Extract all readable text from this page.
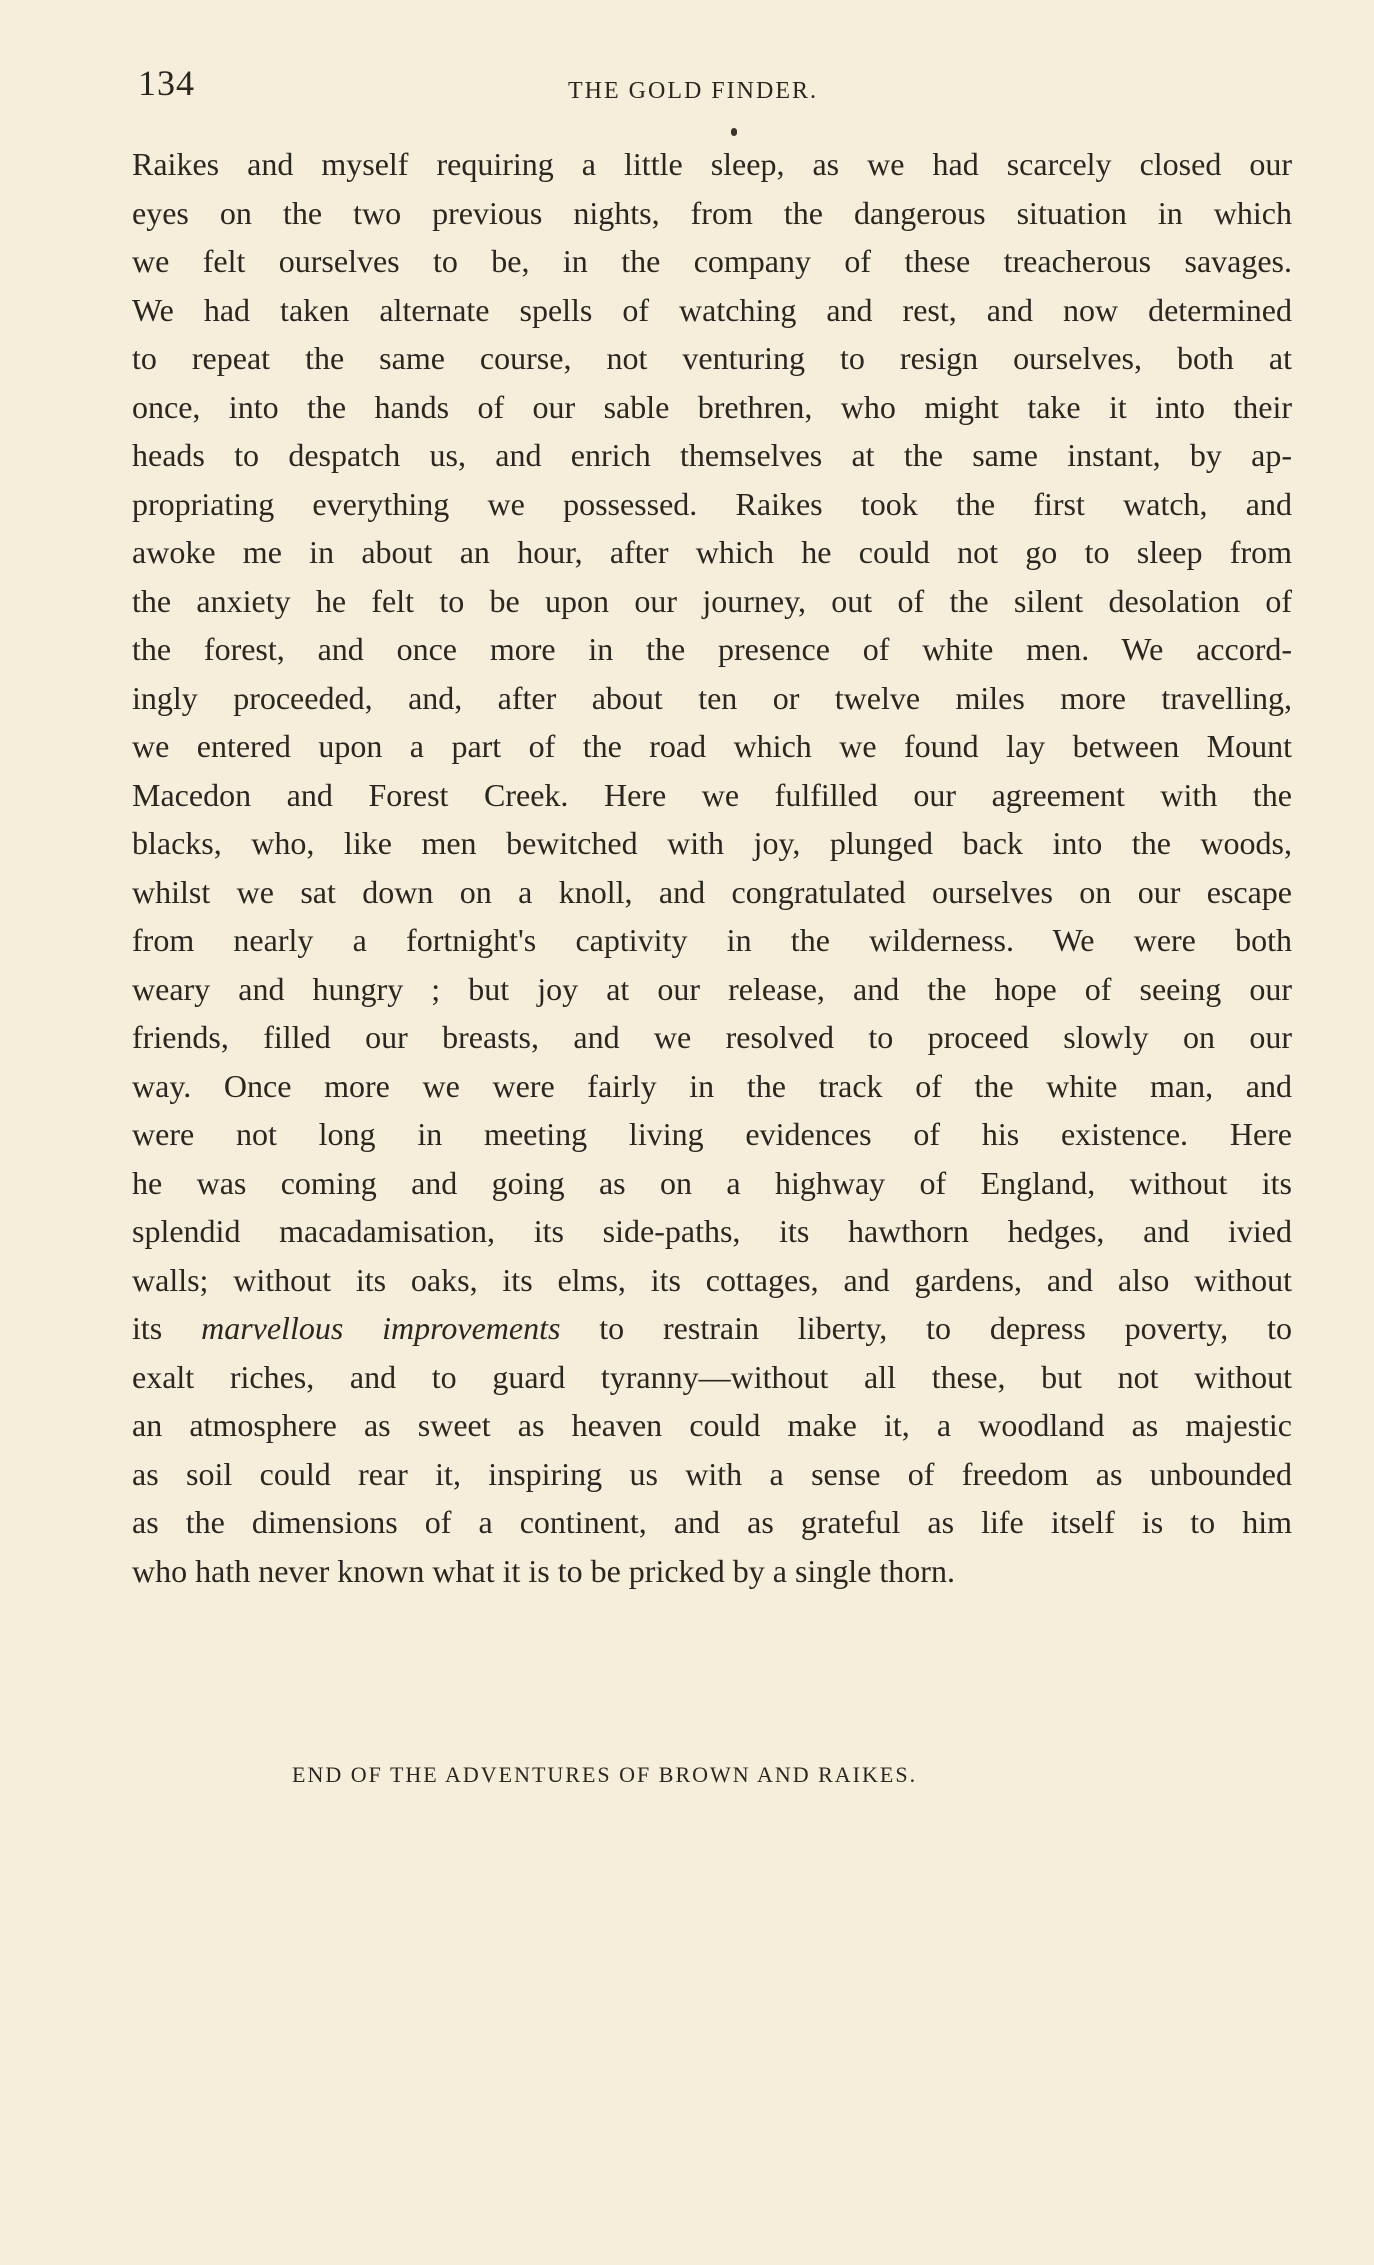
134	THE GOLD FINDER.
Raikes and myself requiring a little sleep, as we had scarcely closed our
eyes on the two previous nights, from the dangerous situation in which
we felt ourselves to be, in the company of these treacherous savages.
We had taken alternate spells of watching and rest, and now determined
to repeat the same course, not venturing to resign ourselves, both at
once, into the hands of our sable brethren, who might take it into their
heads to despatch us, and enrich themselves at the same instant, by ap-
propriating everything we possessed. Raikes took the first watch, and
awoke me in about an hour, after which he could not go to sleep from
the anxiety he felt to be upon our journey, out of the silent desolation of
the forest, and once more in the presence of white men. We accord-
ingly proceeded, and, after about ten or twelve miles more travelling,
we entered upon a part of the road which we found lay between Mount
Macedon and Forest Creek. Here we fulfilled our agreement with the
blacks, who, like men bewitched with joy, plunged back into the woods,
whilst we sat down on a knoll, and congratulated ourselves on our escape
from nearly a fortnight's captivity in the wilderness. We were both
weary and hungry ; but joy at our release, and the hope of seeing our
friends, filled our breasts, and we resolved to proceed slowly on our
way. Once more we were fairly in the track of the white man, and
were not long in meeting living evidences of his existence. Here
he was coming and going as on a highway of England, without its
splendid macadamisation, its side-paths, its hawthorn hedges, and ivied
walls; without its oaks, its elms, its cottages, and gardens, and also without
its marvellous improvements to restrain liberty, to depress poverty, to
exalt riches, and to guard tyranny—without all these, but not without
an atmosphere as sweet as heaven could make it, a woodland as majestic
as soil could rear it, inspiring us with a sense of freedom as unbounded
as the dimensions of a continent, and as grateful as life itself is to him
who hath never known what it is to be pricked by a single thorn.
END OF THE ADVENTURES OF BROWN AND RAIKES.
